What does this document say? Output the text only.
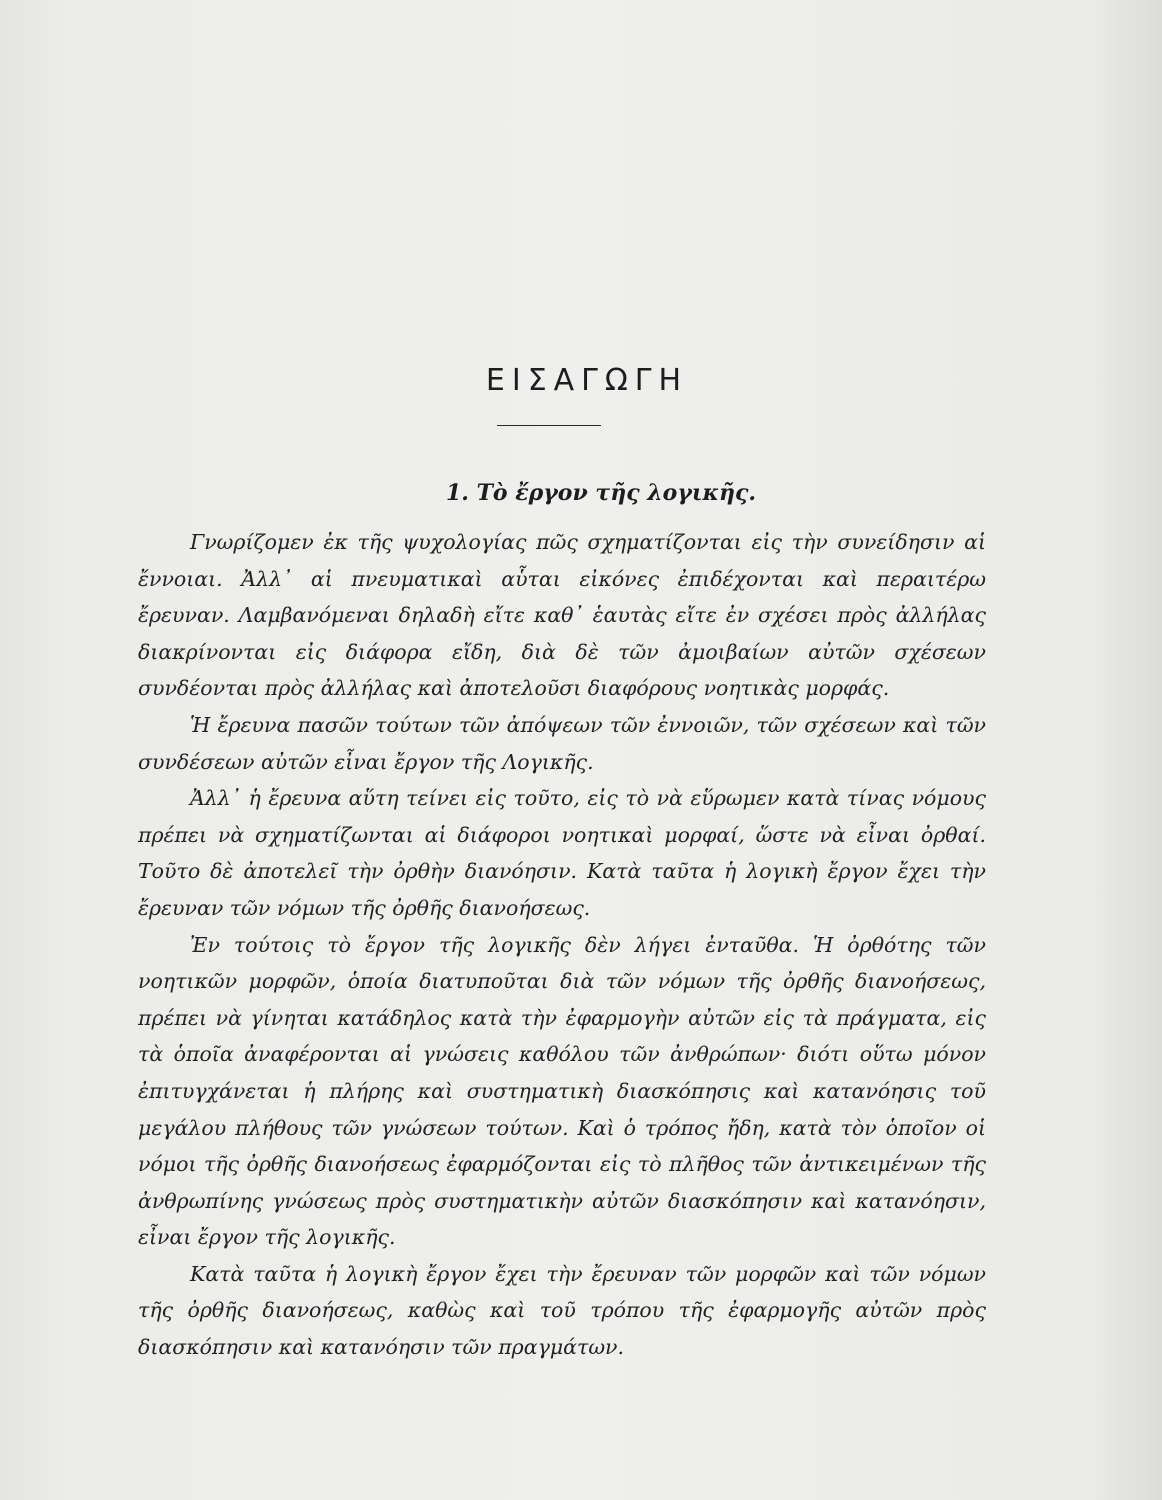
ΕΙΣΑΓΩΓΗ
1. Τὸ ἔργον τῆς λογικῆς.

Γνωρίζομεν ἐκ τῆς ψυχολογίας πῶς σχηματίζονται εἰς τὴν συνείδησιν αἱ ἔννοιαι. Ἀλλ᾽ αἱ πνευματικαὶ αὗται εἰκόνες ἐπιδέχονται καὶ περαιτέρω ἔρευναν. Λαμβανόμεναι δηλαδὴ εἴτε καθ᾽ ἑαυτὰς εἴτε ἐν σχέσει πρὸς ἀλλήλας διακρίνονται εἰς διάφορα εἴδη, διὰ δὲ τῶν ἀμοιβαίων αὐτῶν σχέσεων συνδέονται πρὸς ἀλλήλας καὶ ἀποτελοῦσι διαφόρους νοητικὰς μορφάς.

Ἡ ἔρευνα πασῶν τούτων τῶν ἀπόψεων τῶν ἐννοιῶν, τῶν σχέσεων καὶ τῶν συνδέσεων αὐτῶν εἶναι ἔργον τῆς Λογικῆς.

Ἀλλ᾽ ἡ ἔρευνα αὕτη τείνει εἰς τοῦτο, εἰς τὸ νὰ εὕρωμεν κατὰ τίνας νόμους πρέπει νὰ σχηματίζωνται αἱ διάφοροι νοητικαὶ μορφαί, ὥστε νὰ εἶναι ὀρθαί. Τοῦτο δὲ ἀποτελεῖ τὴν ὀρθὴν διανόησιν. Κατὰ ταῦτα ἡ λογικὴ ἔργον ἔχει τὴν ἔρευναν τῶν νόμων τῆς ὀρθῆς διανοήσεως.

Ἐν τούτοις τὸ ἔργον τῆς λογικῆς δὲν λήγει ἐνταῦθα. Ἡ ὀρθότης τῶν νοητικῶν μορφῶν, ὁποία διατυποῦται διὰ τῶν νόμων τῆς ὀρθῆς διανοήσεως, πρέπει νὰ γίνηται κατάδηλος κατὰ τὴν ἐφαρμογὴν αὐτῶν εἰς τὰ πράγματα, εἰς τὰ ὁποῖα ἀναφέρονται αἱ γνώσεις καθόλου τῶν ἀνθρώπων· διότι οὕτω μόνον ἐπιτυγχάνεται ἡ πλήρης καὶ συστηματικὴ διασκόπησις καὶ κατανόησις τοῦ μεγάλου πλήθους τῶν γνώσεων τούτων. Καὶ ὁ τρόπος ἤδη, κατὰ τὸν ὁποῖον οἱ νόμοι τῆς ὀρθῆς διανοήσεως ἐφαρμόζονται εἰς τὸ πλῆθος τῶν ἀντικειμένων τῆς ἀνθρωπίνης γνώσεως πρὸς συστηματικὴν αὐτῶν διασκόπησιν καὶ κατανόησιν, εἶναι ἔργον τῆς λογικῆς.

Κατὰ ταῦτα ἡ λογικὴ ἔργον ἔχει τὴν ἔρευναν τῶν μορφῶν καὶ τῶν νόμων τῆς ὀρθῆς διανοήσεως, καθὼς καὶ τοῦ τρόπου τῆς ἐφαρμογῆς αὐτῶν πρὸς διασκόπησιν καὶ κατανόησιν τῶν πραγμάτων.
